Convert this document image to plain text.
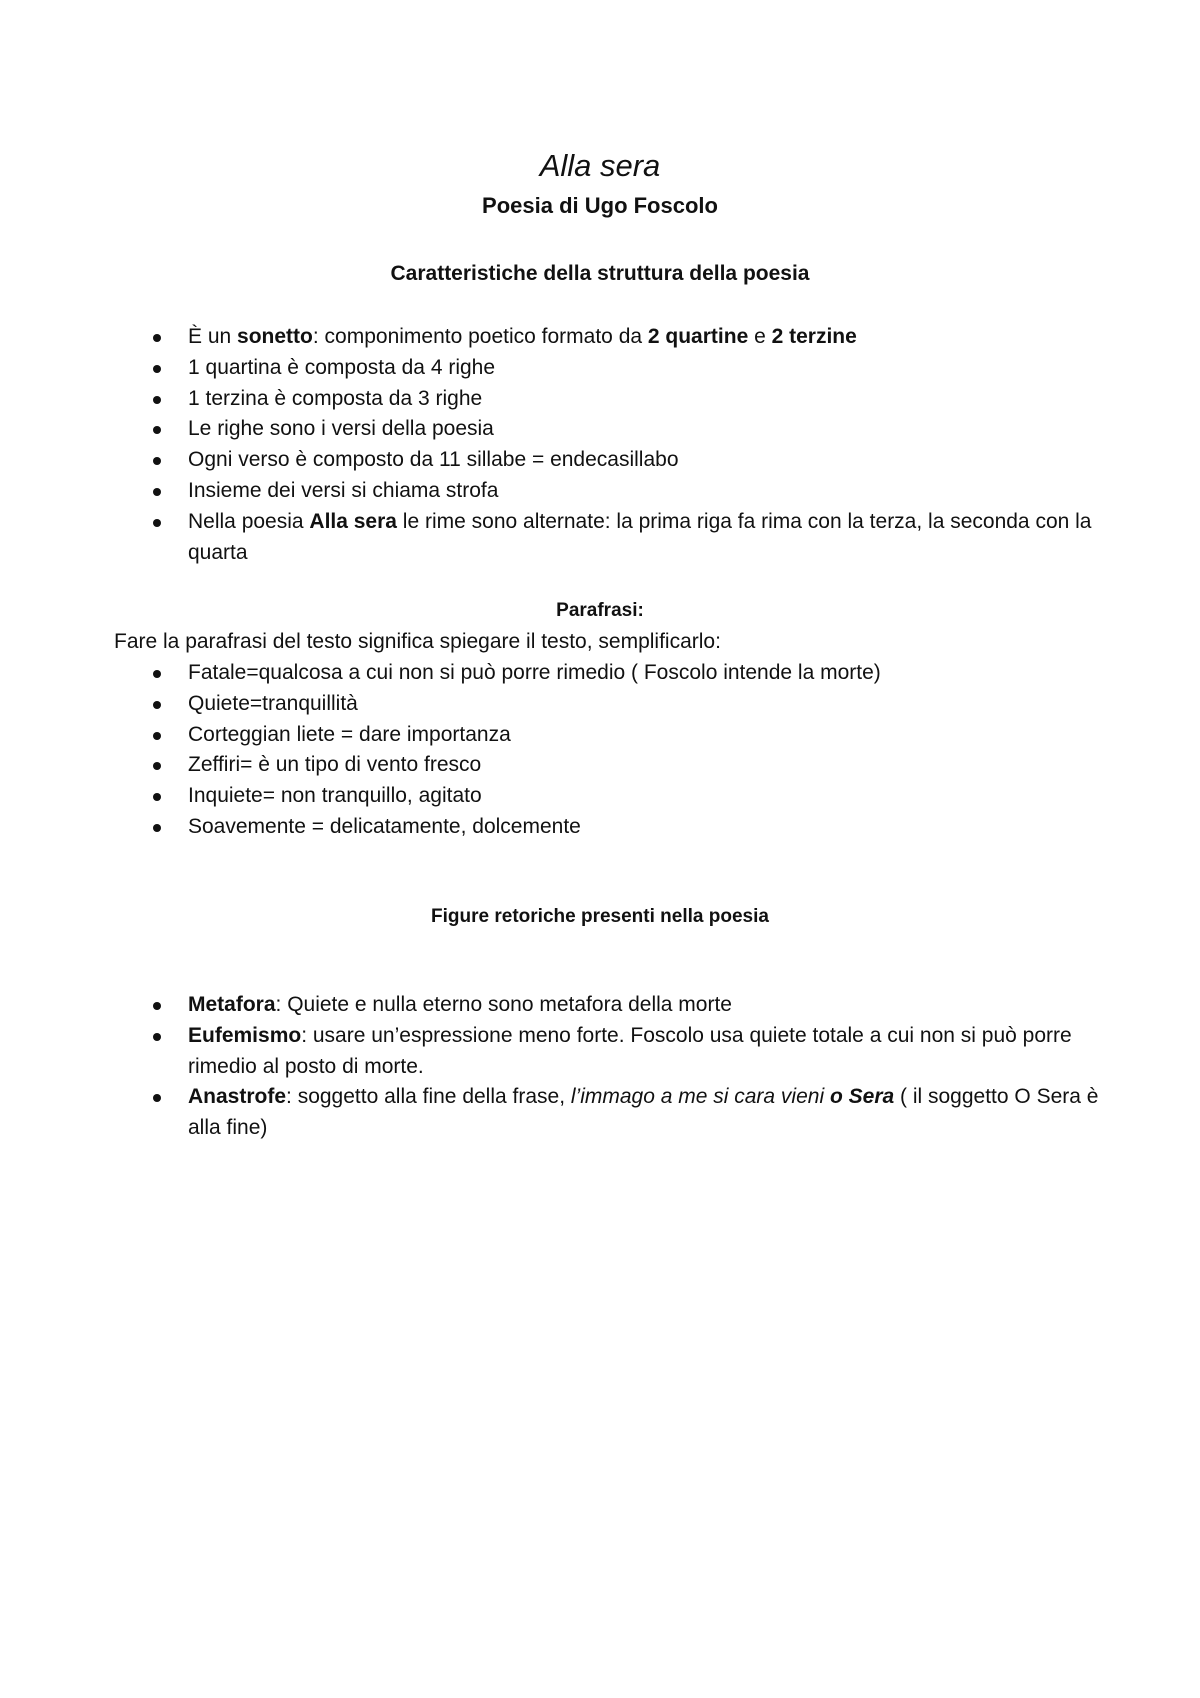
Alla sera
Poesia di Ugo Foscolo
Caratteristiche della struttura della poesia
È un sonetto: componimento poetico formato da 2 quartine e 2 terzine
1 quartina è composta da 4 righe
1 terzina è composta da 3 righe
Le righe sono i versi della poesia
Ogni verso è composto da 11 sillabe = endecasillabo
Insieme dei versi si chiama strofa
Nella poesia Alla sera le rime sono alternate: la prima riga fa rima con la terza, la seconda con la quarta
Parafrasi:
Fare la parafrasi del testo significa spiegare il testo, semplificarlo:
Fatale=qualcosa a cui non si può porre rimedio ( Foscolo intende la morte)
Quiete=tranquillità
Corteggian liete = dare importanza
Zeffiri= è un tipo di vento fresco
Inquiete= non tranquillo, agitato
Soavemente = delicatamente, dolcemente
Figure retoriche presenti nella poesia
Metafora: Quiete e nulla eterno sono metafora della morte
Eufemismo: usare un’espressione meno forte. Foscolo usa quiete totale a cui non si può porre rimedio al posto di morte.
Anastrofe: soggetto alla fine della frase, l’immago a me si cara vieni o Sera ( il soggetto O Sera è alla fine)
